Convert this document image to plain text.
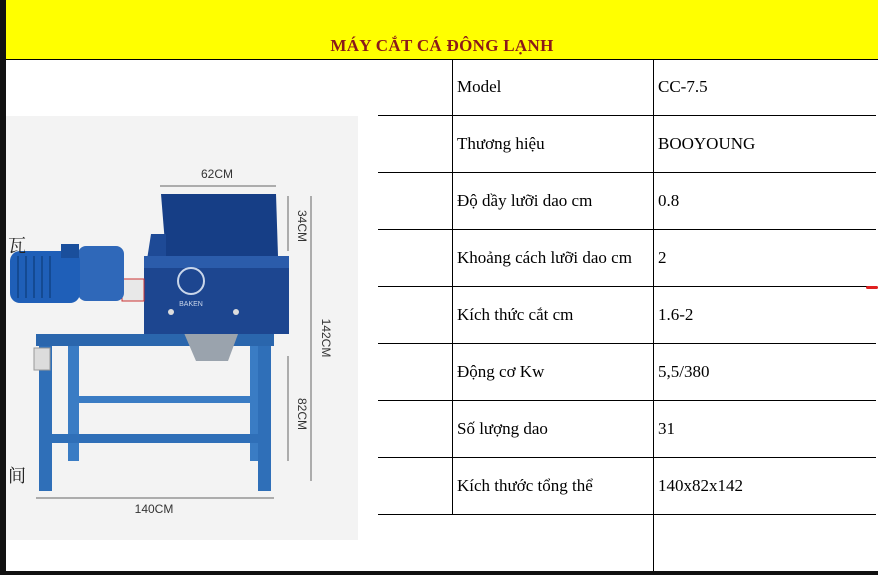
MÁY CẮT CÁ ĐÔNG LẠNH
BAKEN
62CM
34CM
142CM
82CM
140CM
瓦
间
	Model	CC-7.5
	Thương hiệu	BOOYOUNG
	Độ dầy lưỡi dao cm	0.8
	Khoảng cách lưỡi dao cm	2
	Kích thức cắt cm	1.6-2
	Động cơ Kw	5,5/380
	Số lượng dao	31
	Kích thước tổng thể	140x82x142
